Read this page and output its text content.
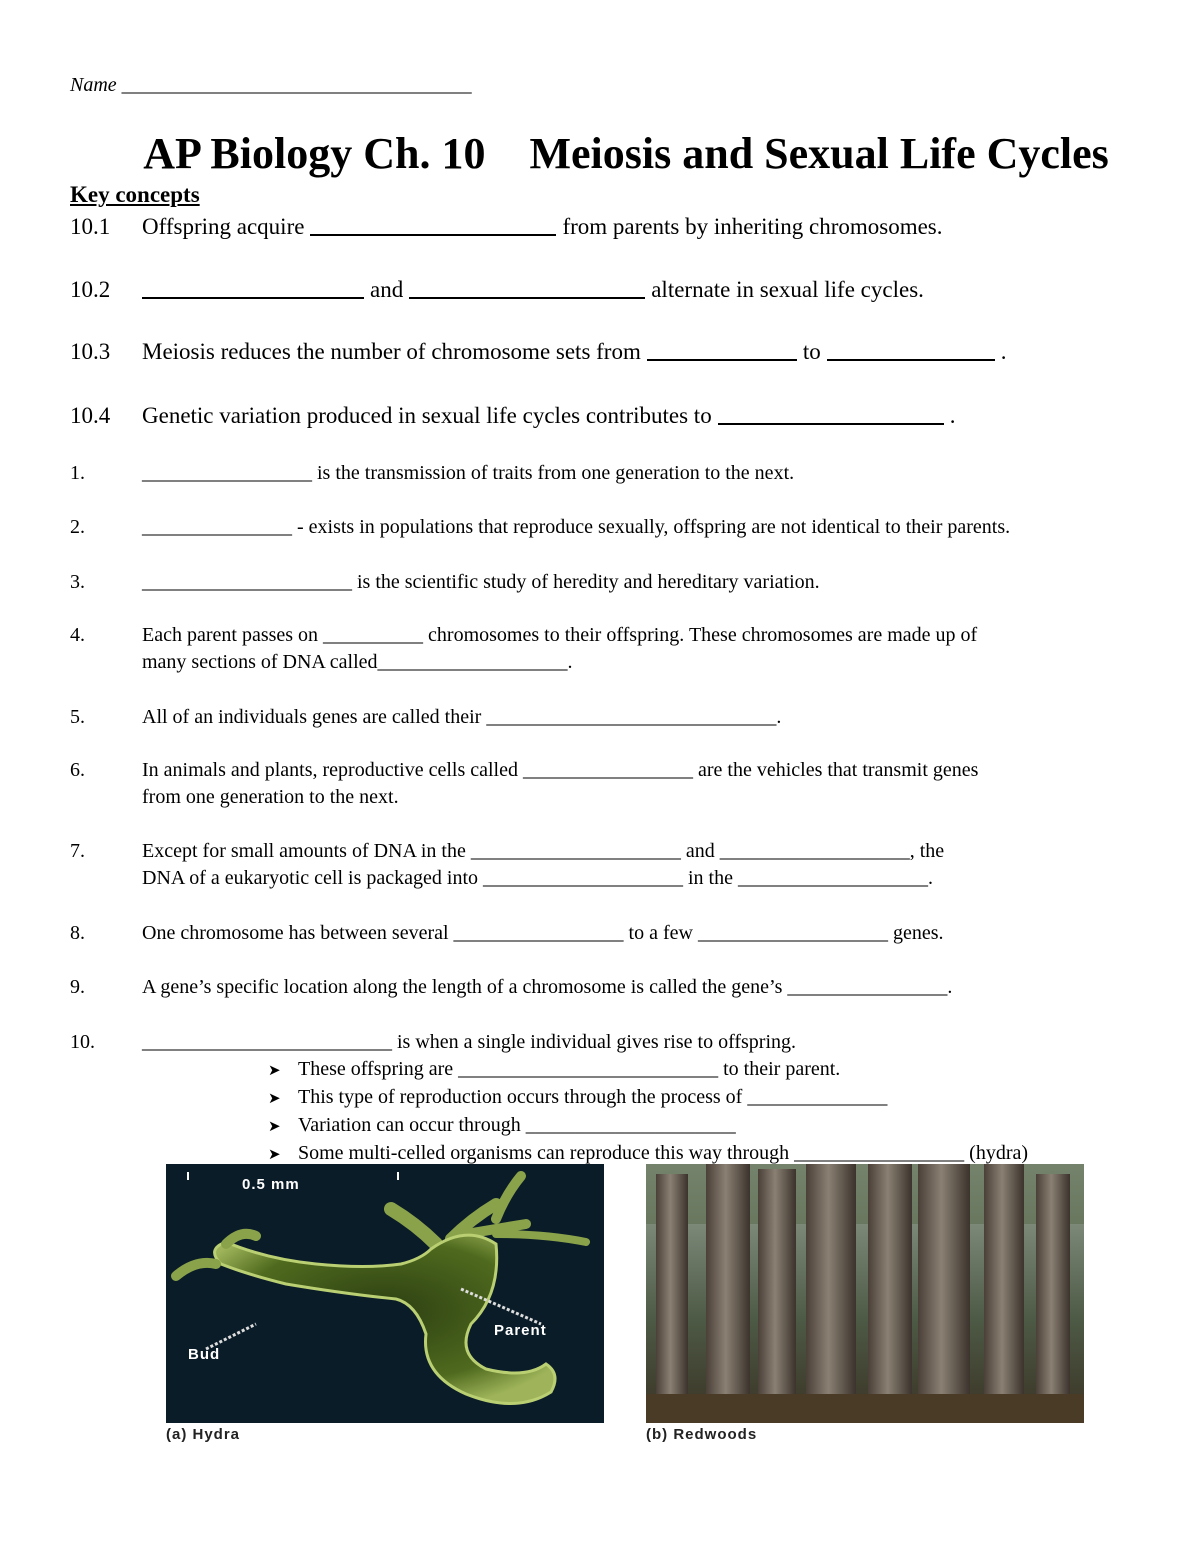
Name ___________________________________
AP Biology Ch. 10    Meiosis and Sexual Life Cycles
Key concepts
10.1 Offspring acquire	from parents by inheriting chromosomes.
10.2	and	alternate in sexual life cycles.
10.3 Meiosis reduces the number of chromosome sets from	to	.
10.4 Genetic variation produced in sexual life cycles contributes to	.
1.	_________________ is the transmission of traits from one generation to the next.
2.	_______________ - exists in populations that reproduce sexually, offspring are not identical to their parents.
3.	_____________________ is the scientific study of heredity and hereditary variation.
4.	Each parent passes on __________ chromosomes to their offspring. These chromosomes are made up of
many sections of DNA called___________________.
5.	All of an individuals genes are called their _____________________________.
6.	In animals and plants, reproductive cells called _________________ are the vehicles that transmit genes
from one generation to the next.
7.	Except for small amounts of DNA in the _____________________ and ___________________, the
DNA of a eukaryotic cell is packaged into ____________________ in the ___________________.
8.	One chromosome has between several _________________ to a few ___________________ genes.
9.	A gene’s specific location along the length of a chromosome is called the gene’s ________________.
10. _________________________ is when a single individual gives rise to offspring.
➤ These offspring are __________________________ to their parent.
➤ This type of reproduction occurs through the process of ______________
➤ Variation can occur through _____________________
➤ Some multi-celled organisms can reproduce this way through _________________ (hydra)
0.5 mm
Bud
Parent
(a) Hydra	(b) Redwoods
